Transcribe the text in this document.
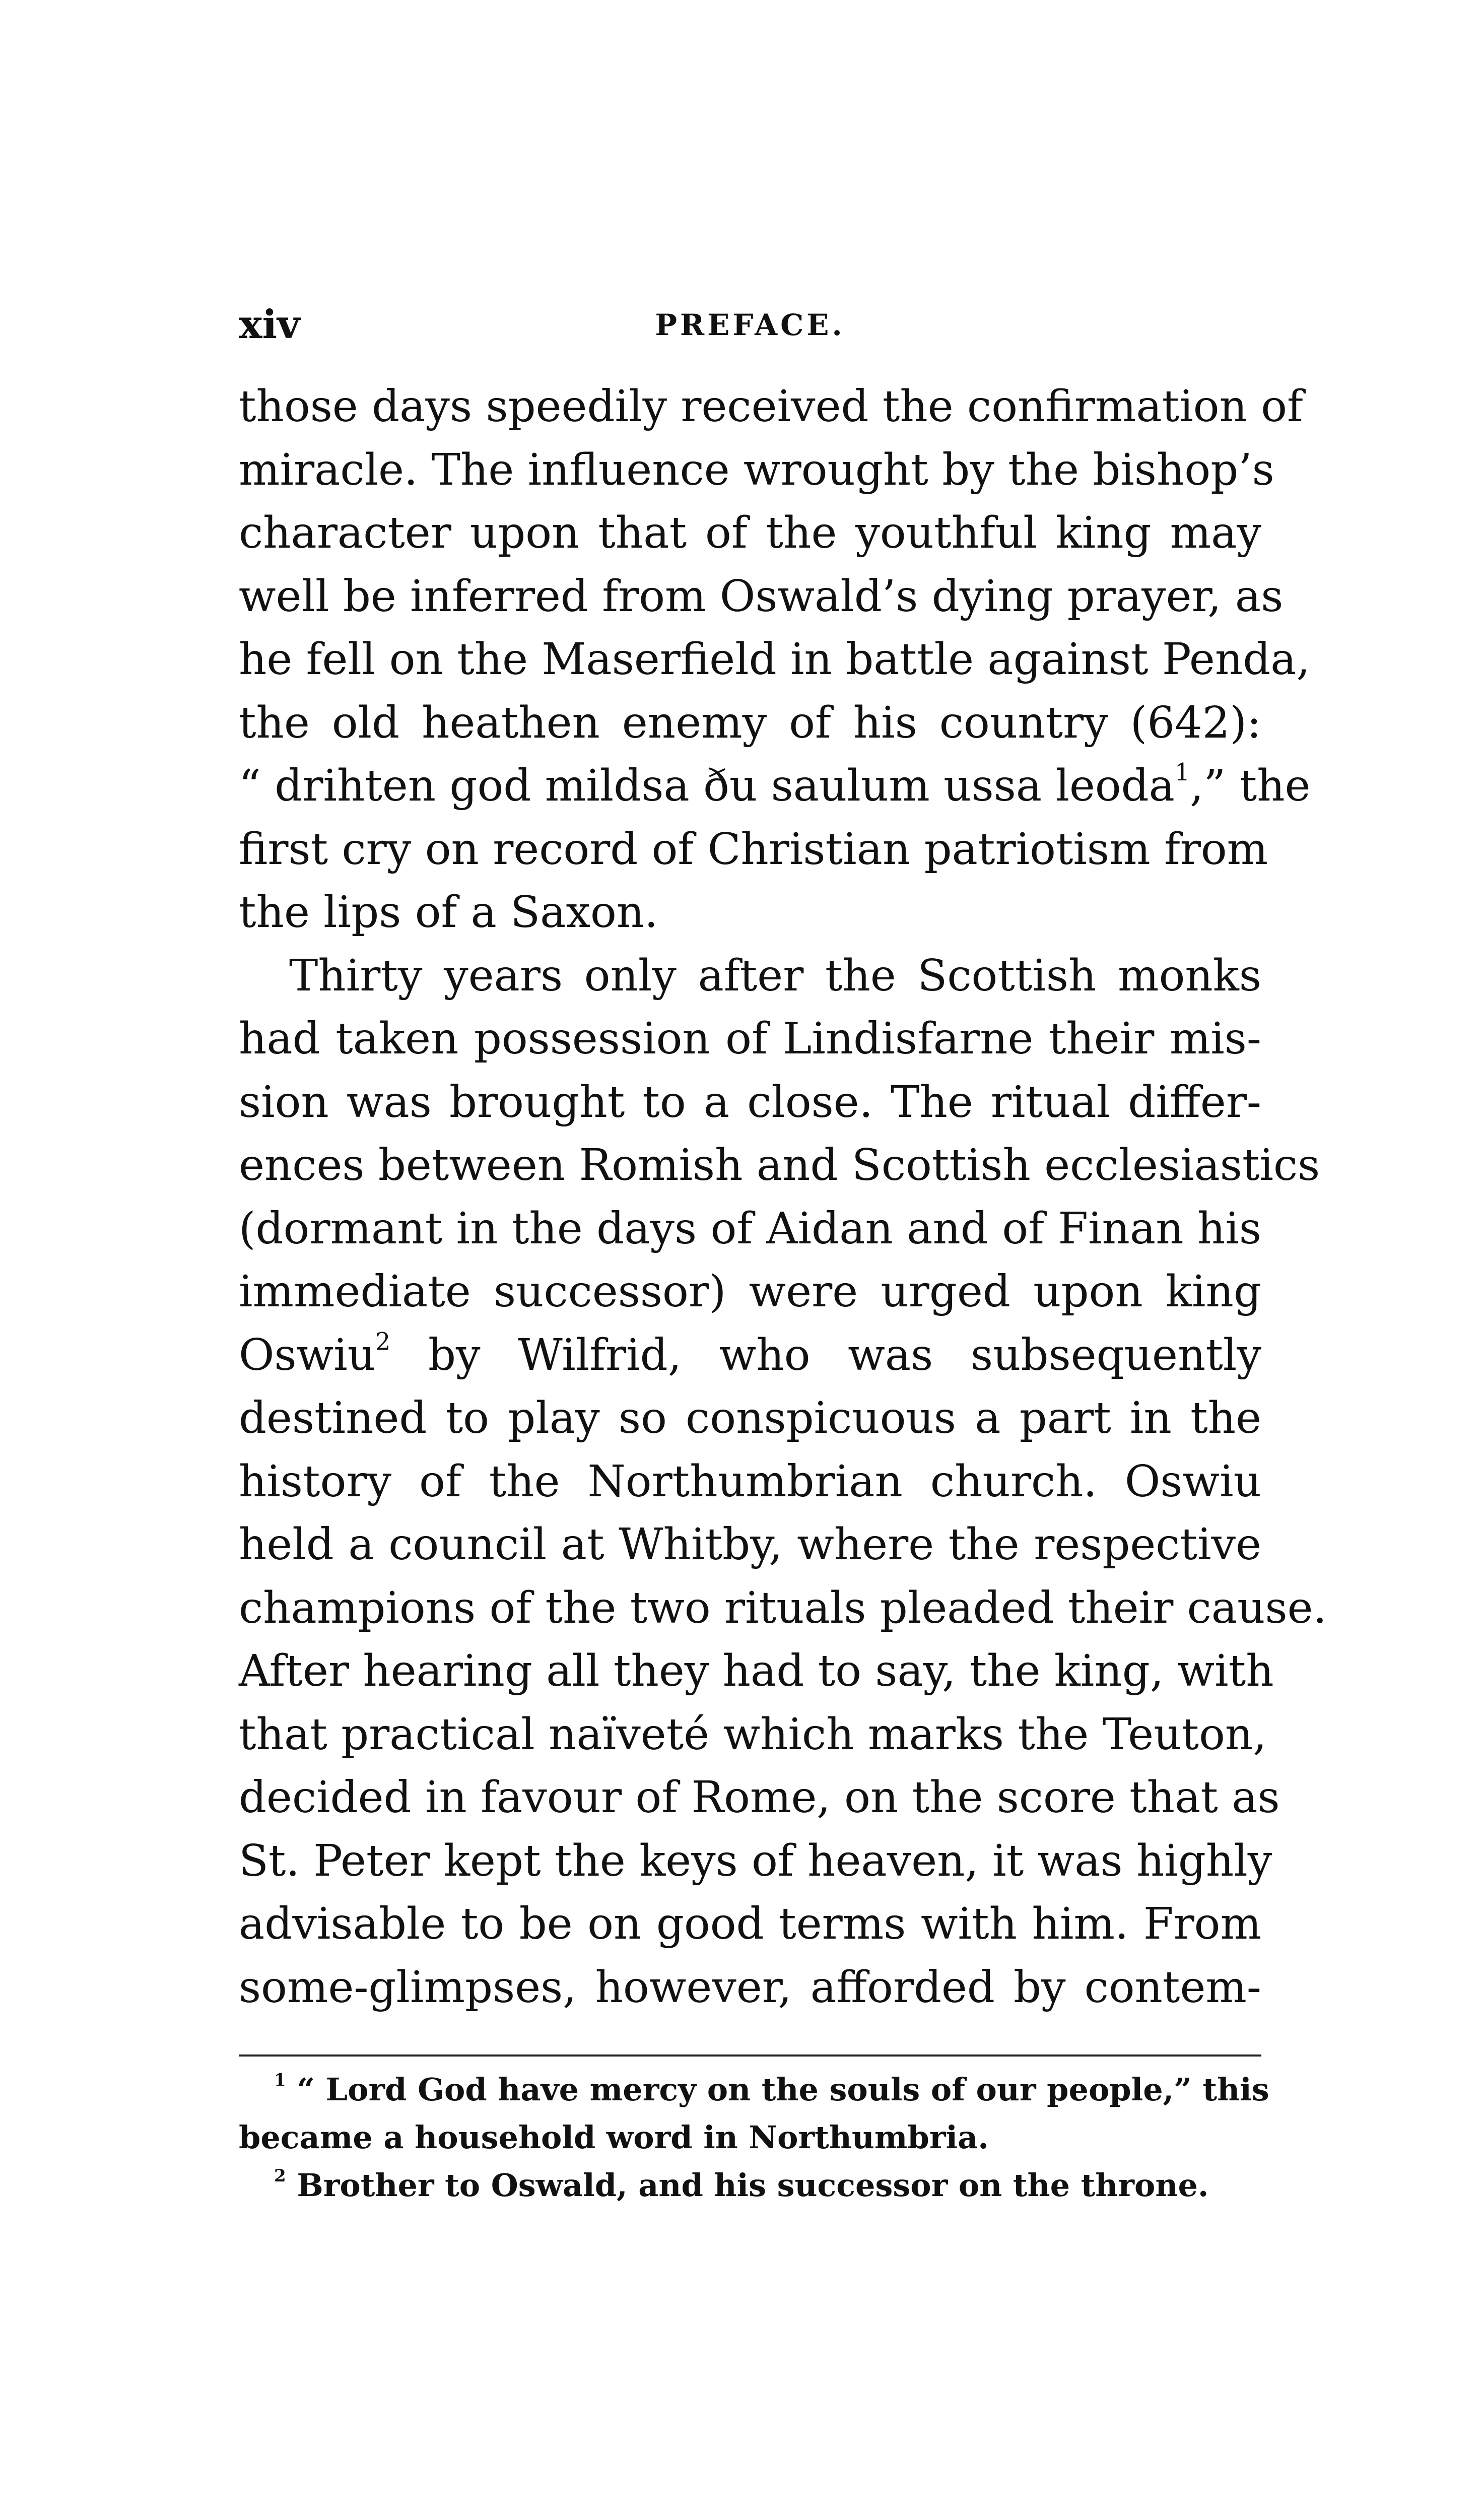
xiv	PREFACE.
those days speedily received the confirmation of
miracle. The influence wrought by the bishop’s
character upon that of the youthful king may
well be inferred from Oswald’s dying prayer, as
he fell on the Maserfield in battle against Penda,
the old heathen enemy of his country (642):
“ drihten god mildsa ðu saulum ussa leoda$^1$,” the
first cry on record of Christian patriotism from
the lips of a Saxon.
Thirty years only after the Scottish monks
had taken possession of Lindisfarne their mis-
sion was brought to a close. The ritual differ-
ences between Romish and Scottish ecclesiastics
(dormant in the days of Aidan and of Finan his
immediate successor) were urged upon king
Oswiu$^2$ by Wilfrid, who was subsequently
destined to play so conspicuous a part in the
history of the Northumbrian church. Oswiu
held a council at Whitby, where the respective
champions of the two rituals pleaded their cause.
After hearing all they had to say, the king, with
that practical naïveté which marks the Teuton,
decided in favour of Rome, on the score that as
St. Peter kept the keys of heaven, it was highly
advisable to be on good terms with him. From
some-glimpses, however, afforded by contem-
$^1$ “ Lord God have mercy on the souls of our people,” this
became a household word in Northumbria.
$^2$ Brother to Oswald, and his successor on the throne.
